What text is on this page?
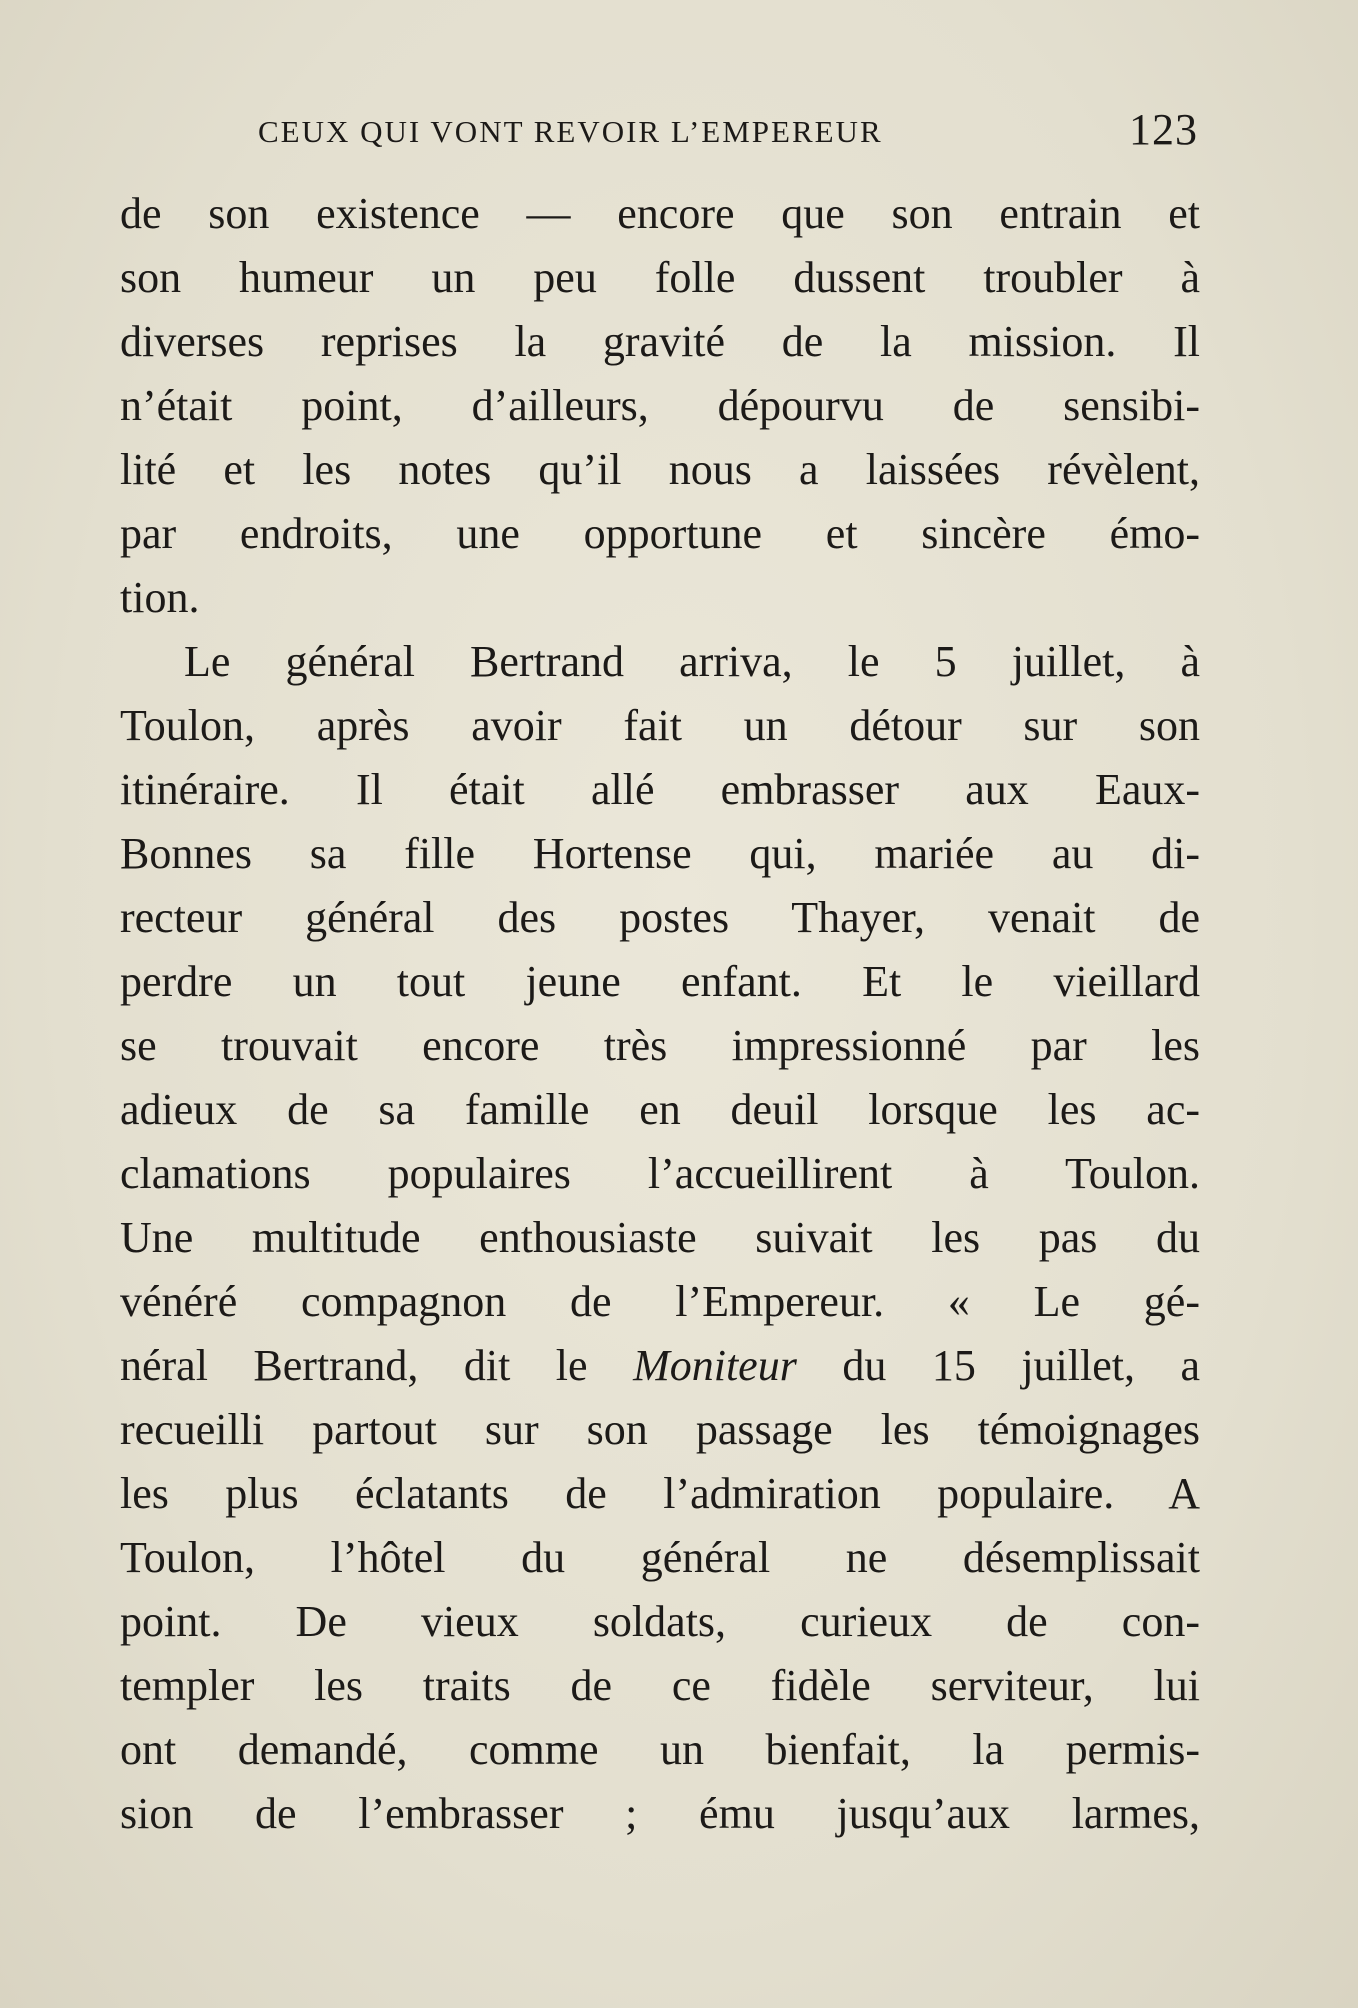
CEUX QUI VONT REVOIR L’EMPEREUR	123
de son existence — encore que son entrain et
son humeur un peu folle dussent troubler à
diverses reprises la gravité de la mission. Il
n’était point, d’ailleurs, dépourvu de sensibi-
lité et les notes qu’il nous a laissées révèlent,
par endroits, une opportune et sincère émo-
tion.
Le général Bertrand arriva, le 5 juillet, à
Toulon, après avoir fait un détour sur son
itinéraire. Il était allé embrasser aux Eaux-
Bonnes sa fille Hortense qui, mariée au di-
recteur général des postes Thayer, venait de
perdre un tout jeune enfant. Et le vieillard
se trouvait encore très impressionné par les
adieux de sa famille en deuil lorsque les ac-
clamations populaires l’accueillirent à Toulon.
Une multitude enthousiaste suivait les pas du
vénéré compagnon de l’Empereur. « Le gé-
néral Bertrand, dit le Moniteur du 15 juillet, a
recueilli partout sur son passage les témoignages
les plus éclatants de l’admiration populaire. A
Toulon, l’hôtel du général ne désemplissait
point. De vieux soldats, curieux de con-
templer les traits de ce fidèle serviteur, lui
ont demandé, comme un bienfait, la permis-
sion de l’embrasser ; ému jusqu’aux larmes,
